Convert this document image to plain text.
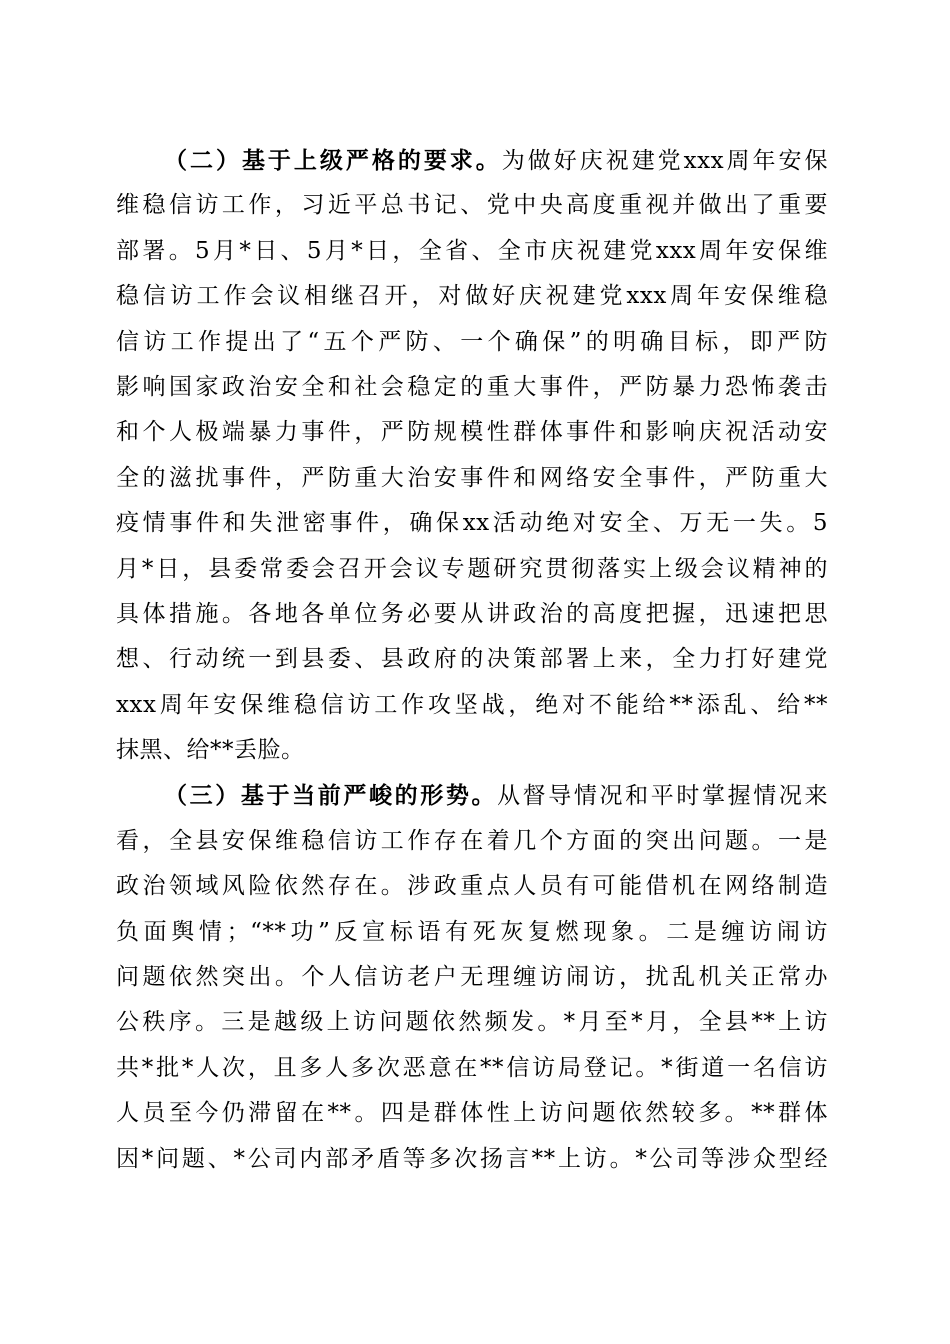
（二）基于上级严格的要求。为做好庆祝建党xxx周年安保
维稳信访工作，习近平总书记、党中央高度重视并做出了重要
部署。5月*日、5月*日，全省、全市庆祝建党xxx周年安保维
稳信访工作会议相继召开，对做好庆祝建党xxx周年安保维稳
信访工作提出了“五个严防、一个确保”的明确目标，即严防
影响国家政治安全和社会稳定的重大事件，严防暴力恐怖袭击
和个人极端暴力事件，严防规模性群体事件和影响庆祝活动安
全的滋扰事件，严防重大治安事件和网络安全事件，严防重大
疫情事件和失泄密事件，确保xx活动绝对安全、万无一失。5
月*日，县委常委会召开会议专题研究贯彻落实上级会议精神的
具体措施。各地各单位务必要从讲政治的高度把握，迅速把思
想、行动统一到县委、县政府的决策部署上来，全力打好建党
xxx周年安保维稳信访工作攻坚战，绝对不能给**添乱、给**
抹黑、给**丢脸。
（三）基于当前严峻的形势。从督导情况和平时掌握情况来
看，全县安保维稳信访工作存在着几个方面的突出问题。一是
政治领域风险依然存在。涉政重点人员有可能借机在网络制造
负面舆情；“**功”反宣标语有死灰复燃现象。二是缠访闹访
问题依然突出。个人信访老户无理缠访闹访，扰乱机关正常办
公秩序。三是越级上访问题依然频发。*月至*月，全县**上访
共*批*人次，且多人多次恶意在**信访局登记。*街道一名信访
人员至今仍滞留在**。四是群体性上访问题依然较多。**群体
因*问题、*公司内部矛盾等多次扬言**上访。*公司等涉众型经
